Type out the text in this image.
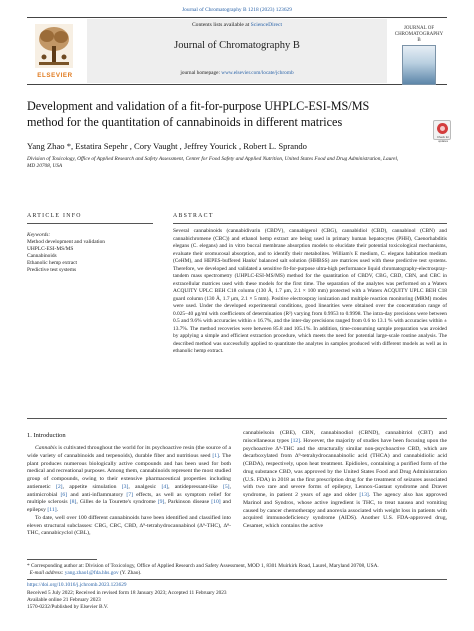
Journal of Chromatography B 1218 (2023) 123629
ELSEVIER
Contents lists available at ScienceDirect
Journal of Chromatography B
journal homepage: www.elsevier.com/locate/jchromb
JOURNAL OF CHROMATOGRAPHY B
Development and validation of a fit-for-purpose UHPLC-ESI-MS/MS method for the quantitation of cannabinoids in different matrices
Check for updates
Yang Zhao *, Estatira Sepehr , Cory Vaught , Jeffrey Yourick , Robert L. Sprando
Division of Toxicology, Office of Applied Research and Safety Assessment, Center for Food Safety and Applied Nutrition, United States Food and Drug Administration, Laurel, MD 20708, USA
ARTICLE INFO	ABSTRACT
Keywords:
Method development and validation
UHPLC-ESI-MS/MS
Cannabinoids
Ethanolic hemp extract
Predictive test systems
Several cannabinoids (cannabidivarin (CBDV), cannabigerol (CBG), cannabidiol (CBD), cannabinol (CBN) and cannabichromene (CBC)) and ethanol hemp extract are being used in primary human hepatocytes (PHH), Caenorhabditis elegans (C. elegans) and in vitro buccal membrane absorption models to elucidate their potential toxicological mechanisms, evaluate their oromucosal absorption, and to identify their metabolites. William's E medium, C. elegans habitation medium (CeHM), and HEPES-buffered Hanks' balanced salt solution (HHBSS) are matrices used with these predictive test systems. Therefore, we developed and validated a sensitive fit-for-purpose ultra-high performance liquid chromatography-electrospray-tandem mass spectrometry (UHPLC-ESI-MS/MS) method for the quantitation of CBDV, CBG, CBD, CBN, and CBC in extracellular matrices used with these models for the first time. The separation of the analytes was performed on a Waters ACQUITY UPLC BEH C18 column (130 Å, 1.7 μm, 2.1 × 100 mm) protected with a Waters ACQUITY UPLC BEH C18 guard column (130 Å, 1.7 μm, 2.1 × 5 mm). Positive electrospray ionization and multiple reaction monitoring (MRM) modes were used. Under the developed experimental conditions, good linearities were obtained over the concentration range of 0.025–40 μg/ml with coefficients of determination (R²) varying from 0.9953 to 0.9998. The intra-day precisions were between 0.5 and 9.6% with accuracies within ± 16.7%, and the inter-day precisions ranged from 0.6 to 13.1 % with accuracies within ± 13.7%. The method recoveries were between 85.8 and 105.1%. In addition, time-consuming sample preparation was avoided by applying a simple and efficient extraction procedure, which meets the need for potential large-scale routine analysis. The described method was successfully applied to quantitate the analytes in samples produced with different models as well as in ethanolic hemp extract.
1. Introduction

Cannabis is cultivated throughout the world for its psychoactive resin (the source of a wide variety of cannabinoids and terpenoids), durable fiber and nutritious seed [1]. The plant produces numerous biologically active compounds and has been used for both medical and recreational purposes. Among them, cannabinoids represent the most studied group of compounds, owing to their extensive pharmaceutical properties including antiemetic [2], appetite simulation [3], analgesic [4], antidepressant-like [5], antimicrobial [6] and anti-inflammatory [7] effects, as well as symptom relief for multiple sclerosis [8], Gilles de la Tourette's syndrome [9], Parkinson disease [10] and epilepsy [11].

To date, well over 100 different cannabinoids have been identified and classified into eleven structural subclasses: CBG, CBC, CBD, Δ⁹-tetrahydrocannabinol (Δ⁹-THC), Δ⁸-THC, cannabicyclol (CBL),

cannabielsoin (CBE), CBN, cannabinodiol (CBND), cannabitriol (CBT) and miscellaneous types [12]. However, the majority of studies have been focusing upon the psychoactive Δ⁹-THC and the structurally similar non-psychoactive CBD, which are decarboxylated from Δ⁹-tetrahydrocannabinolic acid (THCA) and cannabidiolic acid (CBDA), respectively, upon heat treatment. Epidiolex, containing a purified form of the drug substance CBD, was approved by the United States Food and Drug Administration (U.S. FDA) in 2018 as the first prescription drug for the treatment of seizures associated with two rare and severe forms of epilepsy, Lennox-Gastaut syndrome and Dravet syndrome, in patient 2 years of age and older [13]. The agency also has approved Marinol and Syndros, whose active ingredient is THC, to treat nausea and vomiting caused by cancer chemotherapy and anorexia associated with weight loss in patients with acquired immunodeficiency syndrome (AIDS). Another U.S. FDA-approved drug, Cesamet, which contains the active

* Corresponding author at: Division of Toxicology, Office of Applied Research and Safety Assessment, MOD 1, 8301 Muirkirk Road, Laurel, Maryland 20708, USA.

E-mail address: yang.zhao1@fda.hhs.gov (Y. Zhao).

https://doi.org/10.1016/j.jchromb.2023.123629

Received 5 July 2022; Received in revised form 18 January 2023; Accepted 11 February 2023

Available online 21 February 2023

1570-0232/Published by Elsevier B.V.
